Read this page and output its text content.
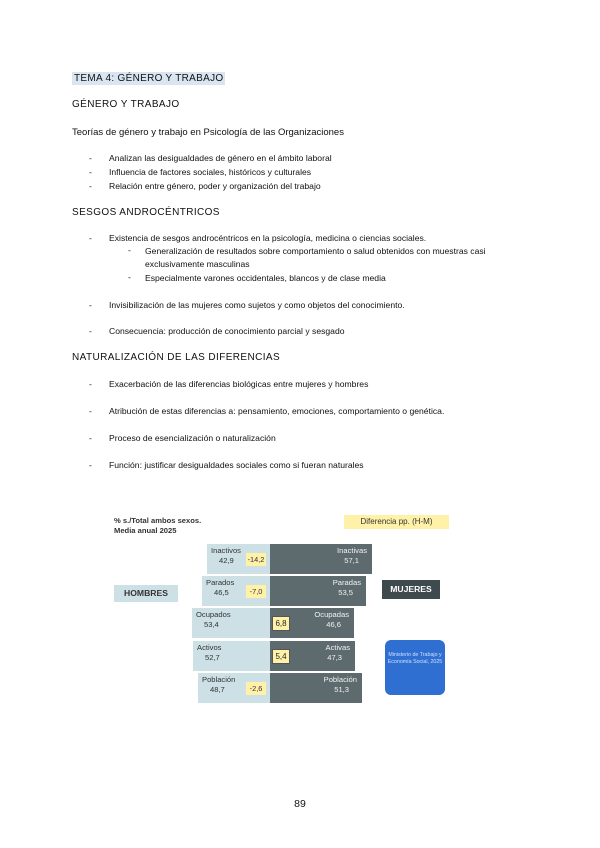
TEMA 4: GÉNERO Y TRABAJO
GÉNERO Y TRABAJO
Teorías de género y trabajo en Psicología de las Organizaciones
- Analizan las desigualdades de género en el ámbito laboral
- Influencia de factores sociales, históricos y culturales
- Relación entre género, poder y organización del trabajo
SESGOS ANDROCÉNTRICOS
- Existencia de sesgos androcéntricos en la psicología, medicina o ciencias sociales.
- Generalización de resultados sobre comportamiento o salud obtenidos con muestras casi exclusivamente masculinas
- Especialmente varones occidentales, blancos y de clase media
- Invisibilización de las mujeres como sujetos y como objetos del conocimiento.
- Consecuencia: producción de conocimiento parcial y sesgado
NATURALIZACIÓN DE LAS DIFERENCIAS
- Exacerbación de las diferencias biológicas entre mujeres y hombres
- Atribución de estas diferencias a: pensamiento, emociones, comportamiento o genética.
- Proceso de esencialización o naturalización
- Función: justificar desigualdades sociales como si fueran naturales
% s./Total ambos sexos.
Media anual 2025
Diferencia pp. (H-M)
HOMBRES	MUJERES
Inactivos
42,9
Inactivas
57,1
-14,2
Parados
46,5
Paradas
53,5
-7,0
Ocupados
53,4
Ocupadas
46,6
6,8
Activos
52,7
Activas
47,3
5,4
Población
48,7
Población
51,3
-2,6
Ministerio de Trabajo y Economía Social, 2025
89
